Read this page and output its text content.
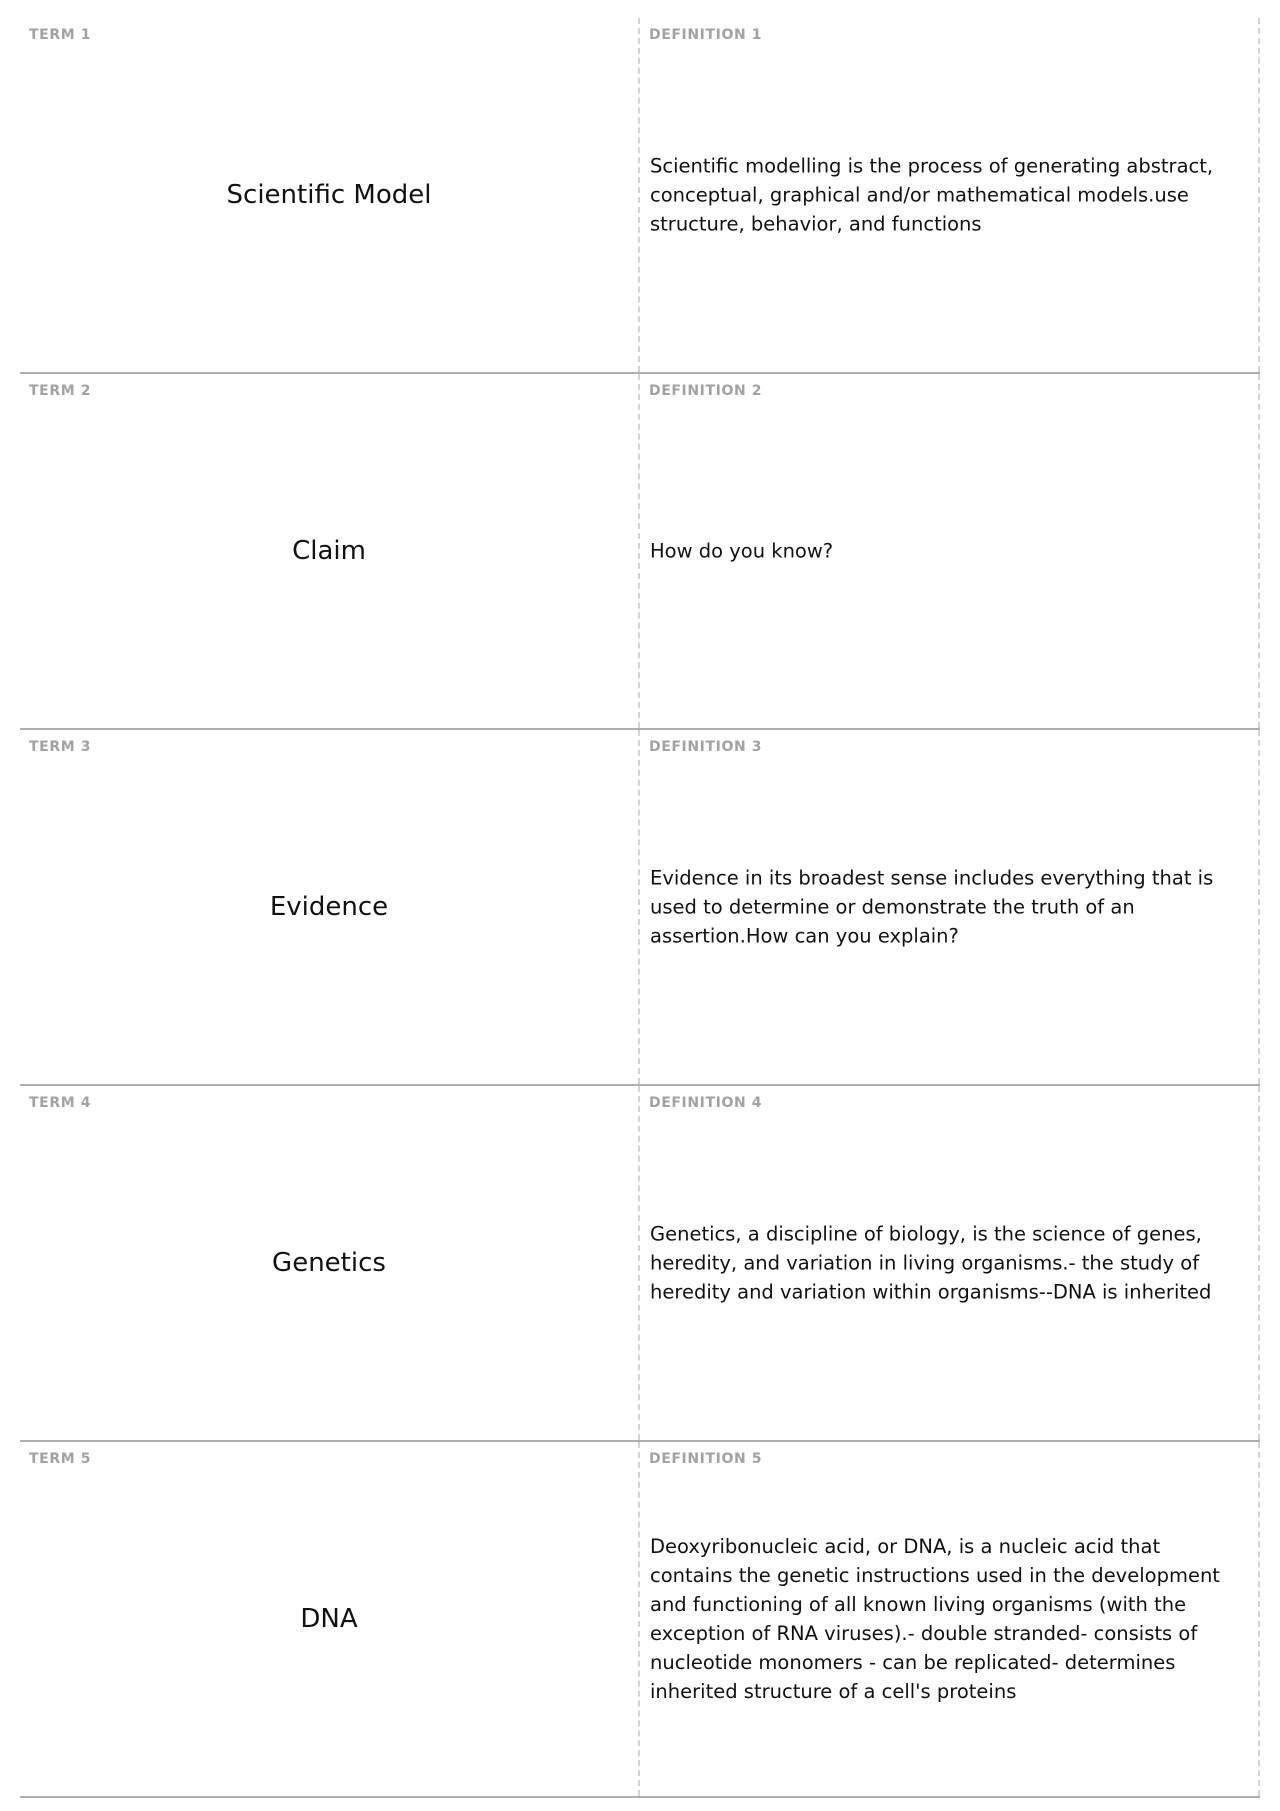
TERM 1
Scientific Model
DEFINITION 1
Scientific modelling is the process of generating abstract, conceptual, graphical and/or mathematical models.use structure, behavior, and functions
TERM 2
Claim
DEFINITION 2
How do you know?
TERM 3
Evidence
DEFINITION 3
Evidence in its broadest sense includes everything that is used to determine or demonstrate the truth of an assertion.How can you explain?
TERM 4
Genetics
DEFINITION 4
Genetics, a discipline of biology, is the science of genes, heredity, and variation in living organisms.- the study of heredity and variation within organisms--DNA is inherited
TERM 5
DNA
DEFINITION 5
Deoxyribonucleic acid, or DNA, is a nucleic acid that contains the genetic instructions used in the development and functioning of all known living organisms (with the exception of RNA viruses).- double stranded- consists of nucleotide monomers - can be replicated- determines inherited structure of a cell's proteins
